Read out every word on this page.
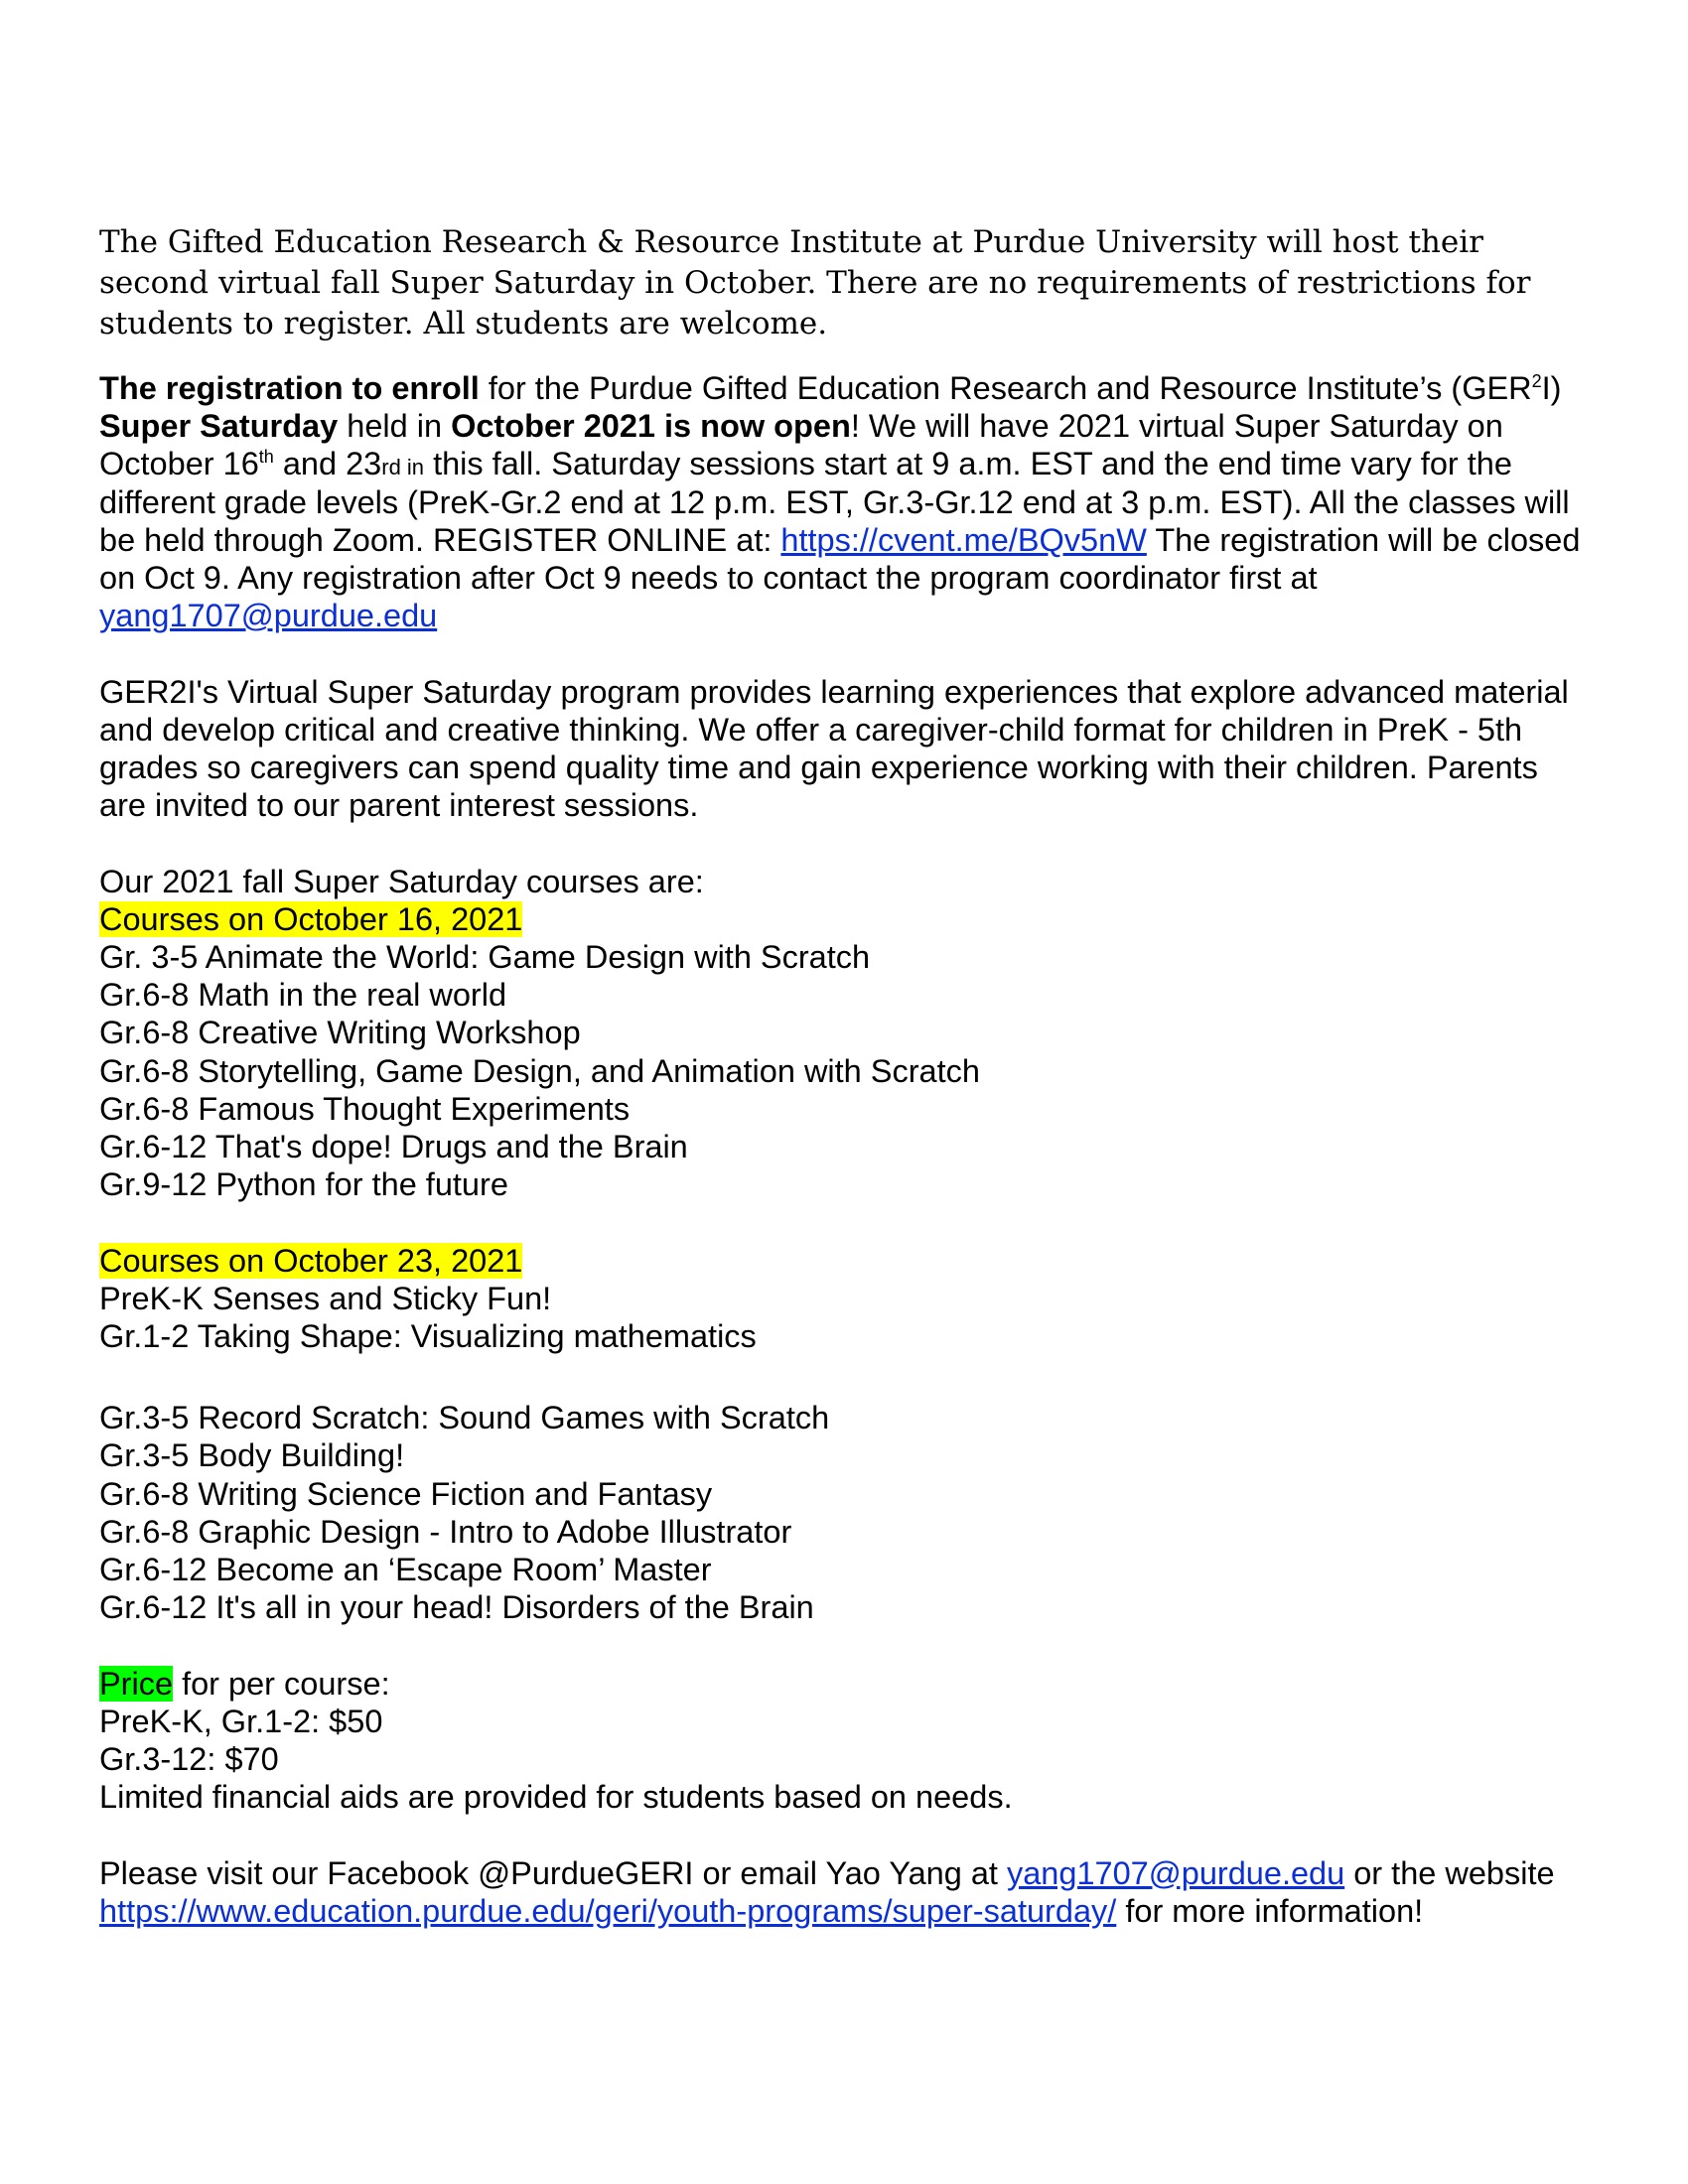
The Gifted Education Research & Resource Institute at Purdue University will host their second virtual fall Super Saturday in October. There are no requirements of restrictions for students to register. All students are welcome.

The registration to enroll for the Purdue Gifted Education Research and Resource Institute’s (GER$^2$I) Super Saturday held in October 2021 is now open! We will have 2021 virtual Super Saturday on October 16th and 23rd in this fall. Saturday sessions start at 9 a.m. EST and the end time vary for the different grade levels (PreK-Gr.2 end at 12 p.m. EST, Gr.3-Gr.12 end at 3 p.m. EST). All the classes will be held through Zoom. REGISTER ONLINE at: https://cvent.me/BQv5nW The registration will be closed on Oct 9. Any registration after Oct 9 needs to contact the program coordinator first at yang1707@purdue.edu

GER2I's Virtual Super Saturday program provides learning experiences that explore advanced material and develop critical and creative thinking. We offer a caregiver-child format for children in PreK - 5th grades so caregivers can spend quality time and gain experience working with their children. Parents are invited to our parent interest sessions.

Our 2021 fall Super Saturday courses are:

Courses on October 16, 2021

Gr. 3-5 Animate the World: Game Design with Scratch
Gr.6-8 Math in the real world
Gr.6-8 Creative Writing Workshop
Gr.6-8 Storytelling, Game Design, and Animation with Scratch
Gr.6-8 Famous Thought Experiments
Gr.6-12 That's dope! Drugs and the Brain
Gr.9-12 Python for the future

Courses on October 23, 2021

PreK-K Senses and Sticky Fun!
Gr.1-2 Taking Shape: Visualizing mathematics
Gr.3-5 Record Scratch: Sound Games with Scratch
Gr.3-5 Body Building!
Gr.6-8 Writing Science Fiction and Fantasy
Gr.6-8 Graphic Design - Intro to Adobe Illustrator
Gr.6-12 Become an ‘Escape Room’ Master
Gr.6-12 It's all in your head! Disorders of the Brain

Price for per course:

PreK-K, Gr.1-2: $50
Gr.3-12: $70
Limited financial aids are provided for students based on needs.

Please visit our Facebook @PurdueGERI or email Yao Yang at yang1707@purdue.edu or the website https://www.education.purdue.edu/geri/youth-programs/super-saturday/ for more information!
